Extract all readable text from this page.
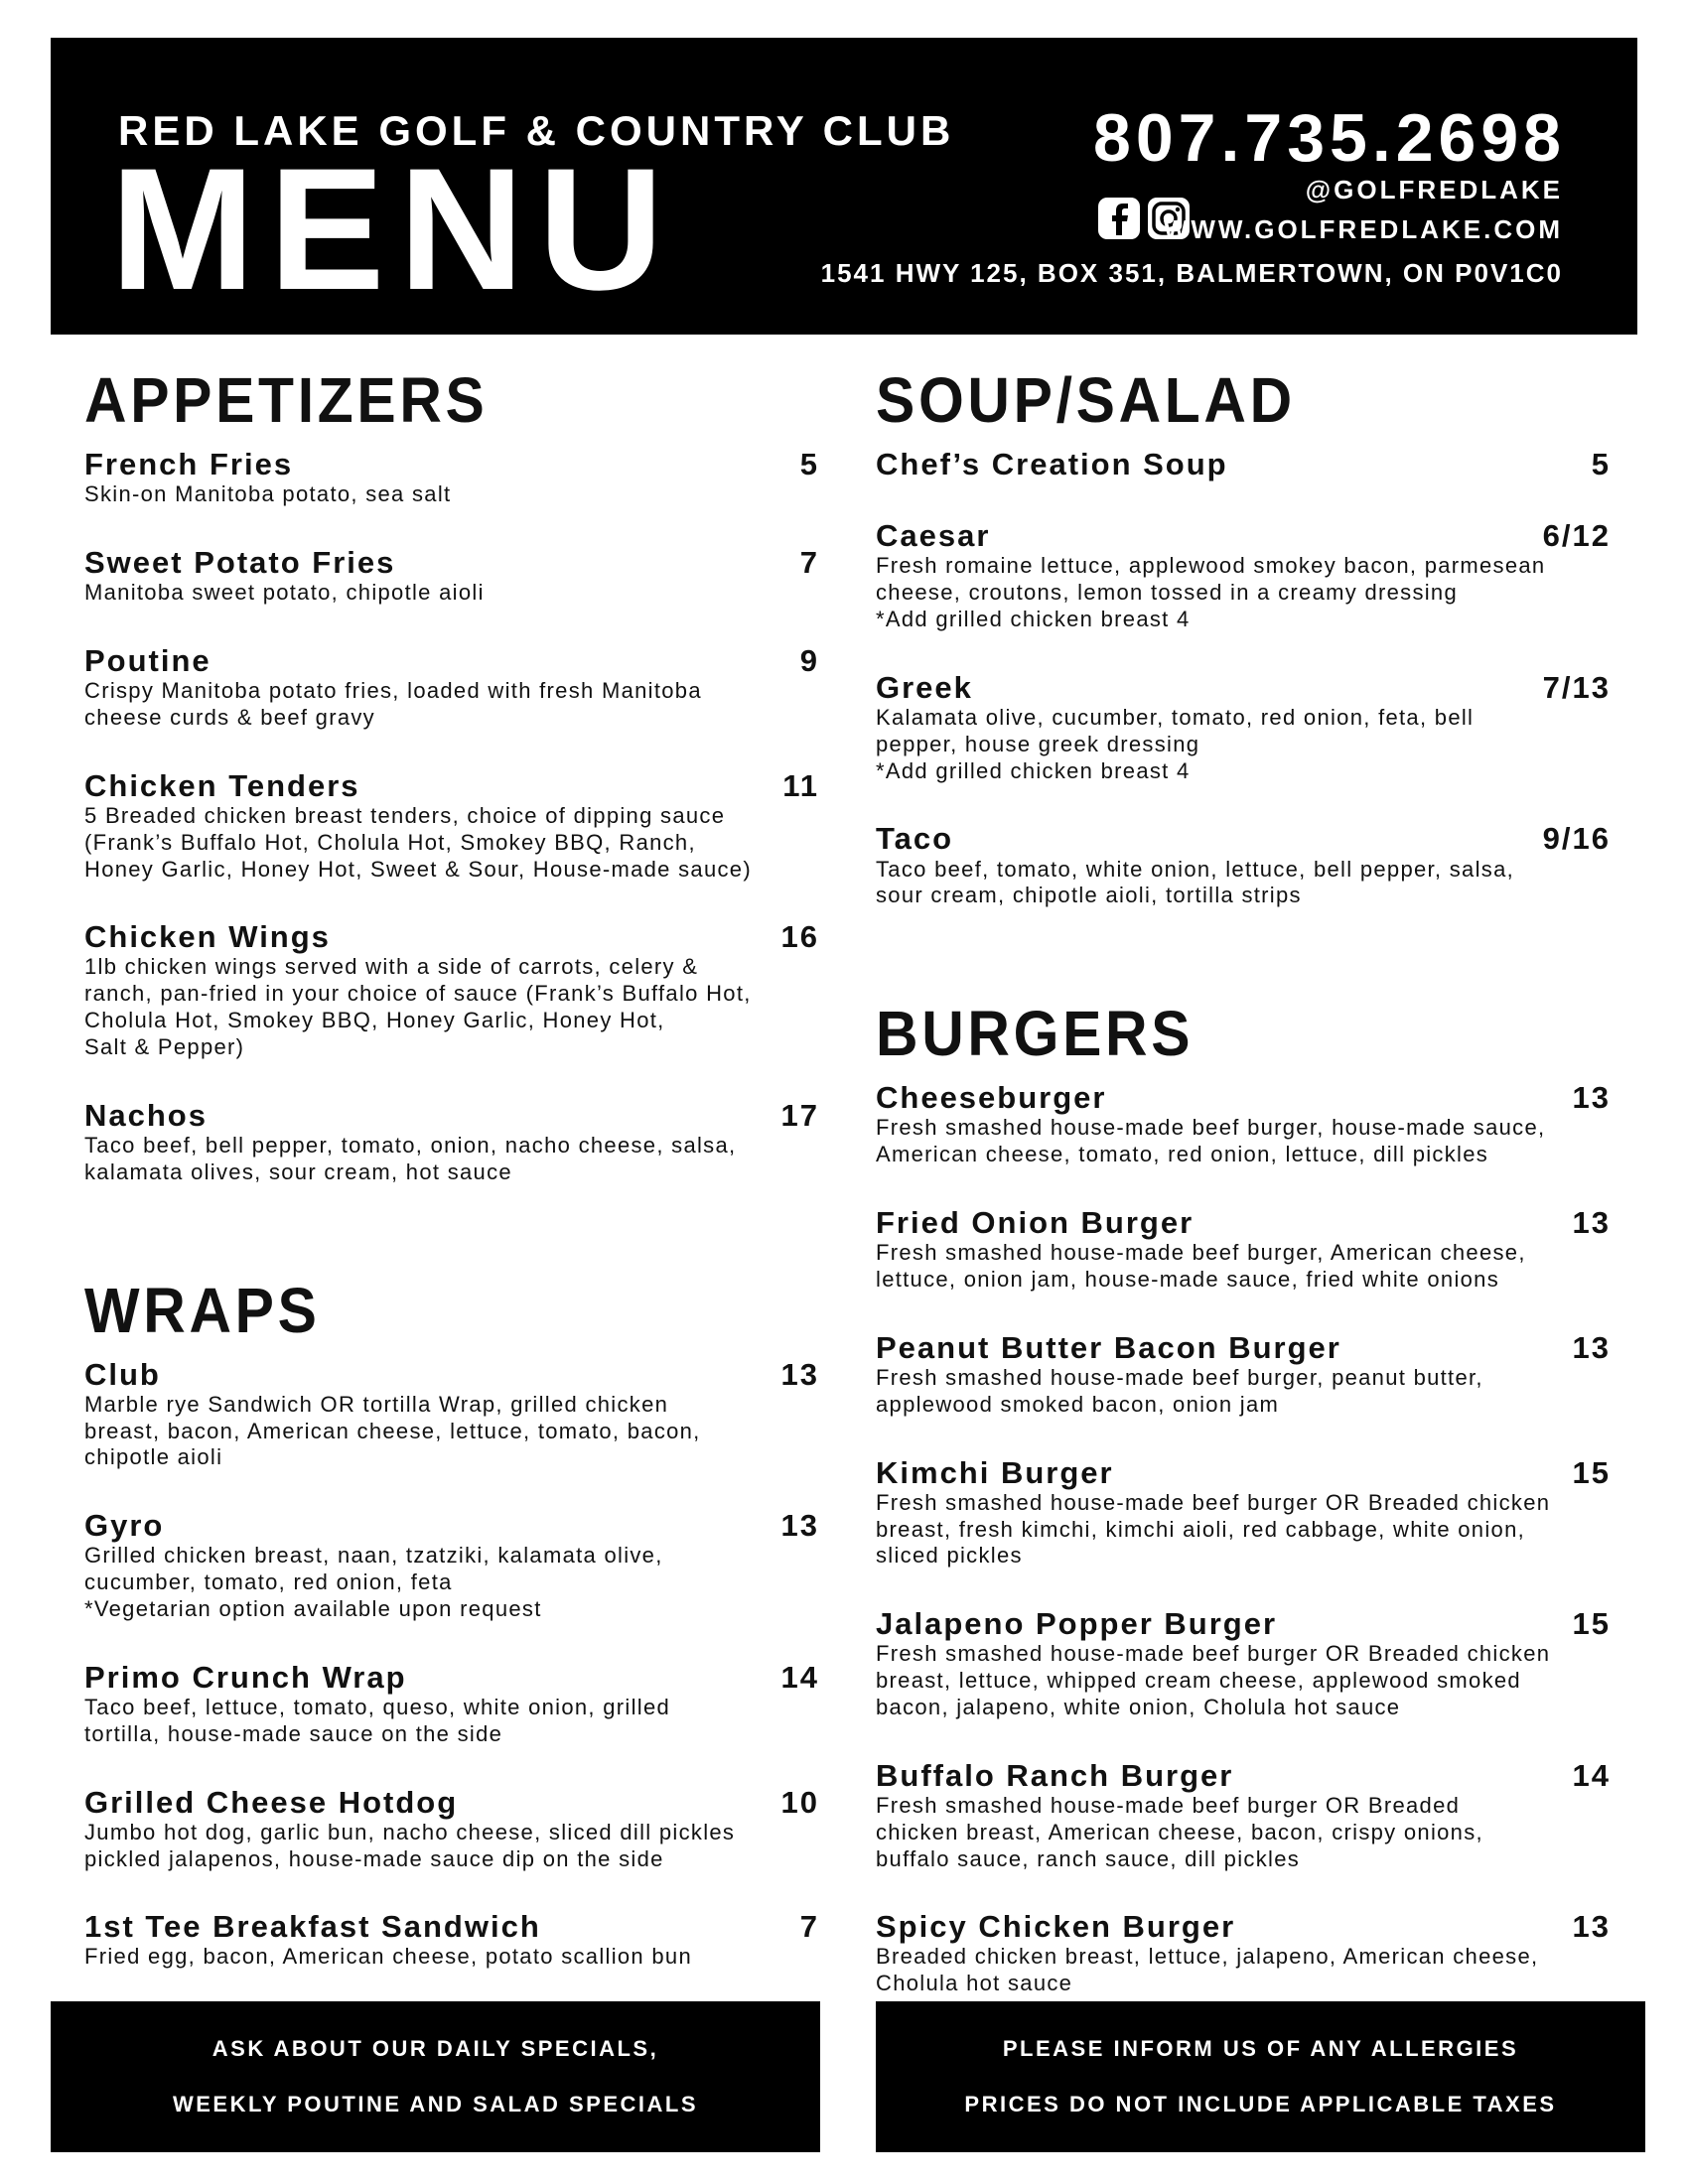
RED LAKE GOLF & COUNTRY CLUB
MENU	807.735.2698
@GOLFREDLAKE
WWW.GOLFREDLAKE.COM
1541 HWY 125, BOX 351, BALMERTOWN, ON P0V1C0
APPETIZERS
French Fries	5
Skin-on Manitoba potato, sea salt
Sweet Potato Fries	7
Manitoba sweet potato, chipotle aioli
Poutine	9
Crispy Manitoba potato fries, loaded with fresh Manitoba
cheese curds & beef gravy
Chicken Tenders	11
5 Breaded chicken breast tenders, choice of dipping sauce
(Frank’s Buffalo Hot, Cholula Hot, Smokey BBQ, Ranch,
Honey Garlic, Honey Hot, Sweet & Sour, House-made sauce)
Chicken Wings	16
1lb chicken wings served with a side of carrots, celery &
ranch, pan-fried in your choice of sauce (Frank’s Buffalo Hot,
Cholula Hot, Smokey BBQ, Honey Garlic, Honey Hot,
Salt & Pepper)
Nachos	17
Taco beef, bell pepper, tomato, onion, nacho cheese, salsa,
kalamata olives, sour cream, hot sauce
WRAPS
Club	13
Marble rye Sandwich OR tortilla Wrap, grilled chicken
breast, bacon, American cheese, lettuce, tomato, bacon,
chipotle aioli
Gyro	13
Grilled chicken breast, naan, tzatziki, kalamata olive,
cucumber, tomato, red onion, feta
*Vegetarian option available upon request
Primo Crunch Wrap	14
Taco beef, lettuce, tomato, queso, white onion, grilled
tortilla, house-made sauce on the side
Grilled Cheese Hotdog	10
Jumbo hot dog, garlic bun, nacho cheese, sliced dill pickles
pickled jalapenos, house-made sauce dip on the side
1st Tee Breakfast Sandwich	7
Fried egg, bacon, American cheese, potato scallion bun
SOUP/SALAD
Chef’s Creation Soup	5
Caesar	6/12
Fresh romaine lettuce, applewood smokey bacon, parmesean
cheese, croutons, lemon tossed in a creamy dressing
*Add grilled chicken breast 4
Greek	7/13
Kalamata olive, cucumber, tomato, red onion, feta, bell
pepper, house greek dressing
*Add grilled chicken breast 4
Taco	9/16
Taco beef, tomato, white onion, lettuce, bell pepper, salsa,
sour cream, chipotle aioli, tortilla strips
BURGERS
Cheeseburger	13
Fresh smashed house-made beef burger, house-made sauce,
American cheese, tomato, red onion, lettuce, dill pickles
Fried Onion Burger	13
Fresh smashed house-made beef burger, American cheese,
lettuce, onion jam, house-made sauce, fried white onions
Peanut Butter Bacon Burger	13
Fresh smashed house-made beef burger, peanut butter,
applewood smoked bacon, onion jam
Kimchi Burger	15
Fresh smashed house-made beef burger OR Breaded chicken
breast, fresh kimchi, kimchi aioli, red cabbage, white onion,
sliced pickles
Jalapeno Popper Burger	15
Fresh smashed house-made beef burger OR Breaded chicken
breast, lettuce, whipped cream cheese, applewood smoked
bacon, jalapeno, white onion, Cholula hot sauce
Buffalo Ranch Burger	14
Fresh smashed house-made beef burger OR Breaded
chicken breast, American cheese, bacon, crispy onions,
buffalo sauce, ranch sauce, dill pickles
Spicy Chicken Burger	13
Breaded chicken breast, lettuce, jalapeno, American cheese,
Cholula hot sauce

ASK ABOUT OUR DAILY SPECIALS,
WEEKLY POUTINE AND SALAD SPECIALS
PLEASE INFORM US OF ANY ALLERGIES
PRICES DO NOT INCLUDE APPLICABLE TAXES
